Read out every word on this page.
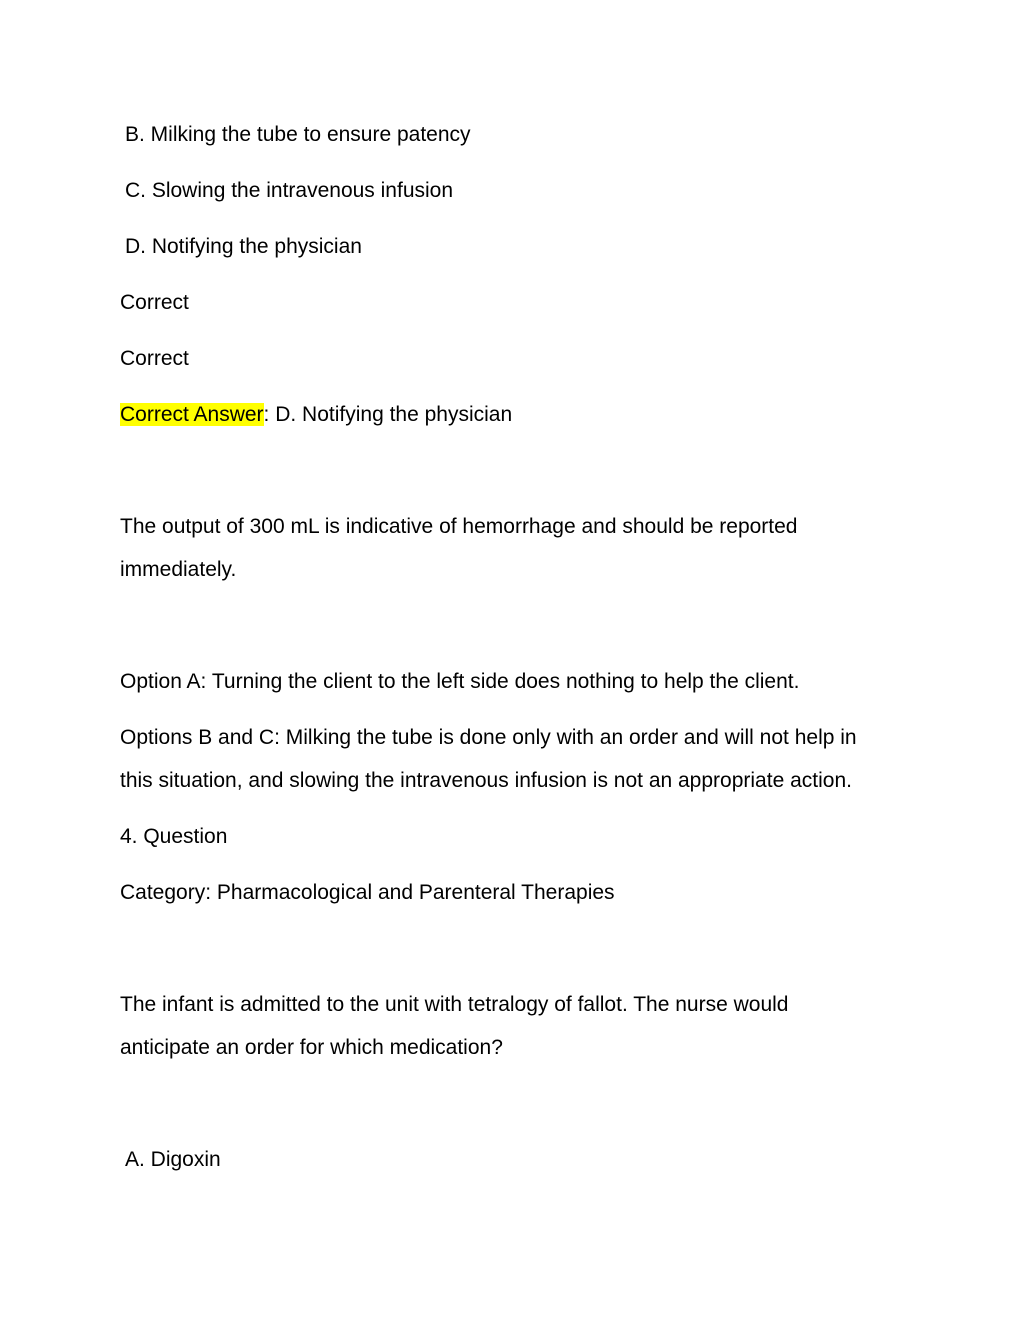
B. Milking the tube to ensure patency
C. Slowing the intravenous infusion
D. Notifying the physician
Correct
Correct
Correct Answer: D. Notifying the physician
The output of 300 mL is indicative of hemorrhage and should be reported
immediately.
Option A: Turning the client to the left side does nothing to help the client.
Options B and C: Milking the tube is done only with an order and will not help in
this situation, and slowing the intravenous infusion is not an appropriate action.
4. Question
Category: Pharmacological and Parenteral Therapies
The infant is admitted to the unit with tetralogy of fallot. The nurse would
anticipate an order for which medication?
A. Digoxin
